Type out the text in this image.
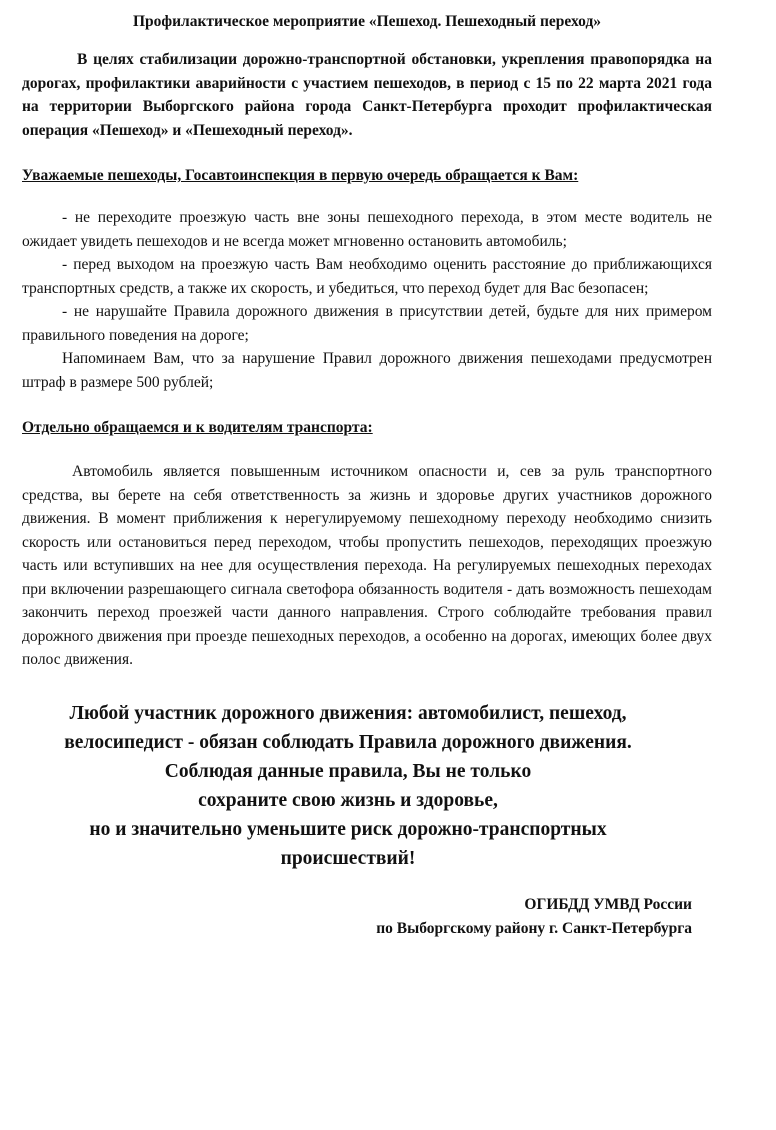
Профилактическое мероприятие «Пешеход. Пешеходный переход»

В целях стабилизации дорожно-транспортной обстановки, укрепления правопорядка на дорогах, профилактики аварийности с участием пешеходов, в период с 15 по 22 марта 2021 года на территории Выборгского района города Санкт-Петербурга проходит профилактическая операция «Пешеход» и «Пешеходный переход».

Уважаемые пешеходы, Госавтоинспекция в первую очередь обращается к Вам:

- не переходите проезжую часть вне зоны пешеходного перехода, в этом месте водитель не ожидает увидеть пешеходов и не всегда может мгновенно остановить автомобиль;

- перед выходом на проезжую часть Вам необходимо оценить расстояние до приближающихся транспортных средств, а также их скорость, и убедиться, что переход будет для Вас безопасен;

- не нарушайте Правила дорожного движения в присутствии детей, будьте для них примером правильного поведения на дороге;

Напоминаем Вам, что за нарушение Правил дорожного движения пешеходами предусмотрен штраф в размере 500 рублей;

Отдельно обращаемся и к водителям транспорта:

Автомобиль является повышенным источником опасности и, сев за руль транспортного средства, вы берете на себя ответственность за жизнь и здоровье других участников дорожного движения. В момент приближения к нерегулируемому пешеходному переходу необходимо снизить скорость или остановиться перед переходом, чтобы пропустить пешеходов, переходящих проезжую часть или вступивших на нее для осуществления перехода. На регулируемых пешеходных переходах при включении разрешающего сигнала светофора обязанность водителя - дать возможность пешеходам закончить переход проезжей части данного направления. Строго соблюдайте требования правил дорожного движения при проезде пешеходных переходов, а особенно на дорогах, имеющих более двух полос движения.

Любой участник дорожного движения: автомобилист, пешеход,
велосипедист - обязан соблюдать Правила дорожного движения.
Соблюдая данные правила, Вы не только
сохраните свою жизнь и здоровье,
но и значительно уменьшите риск дорожно-транспортных
происшествий!
ОГИБДД УМВД России
по Выборгскому району г. Санкт-Петербурга
